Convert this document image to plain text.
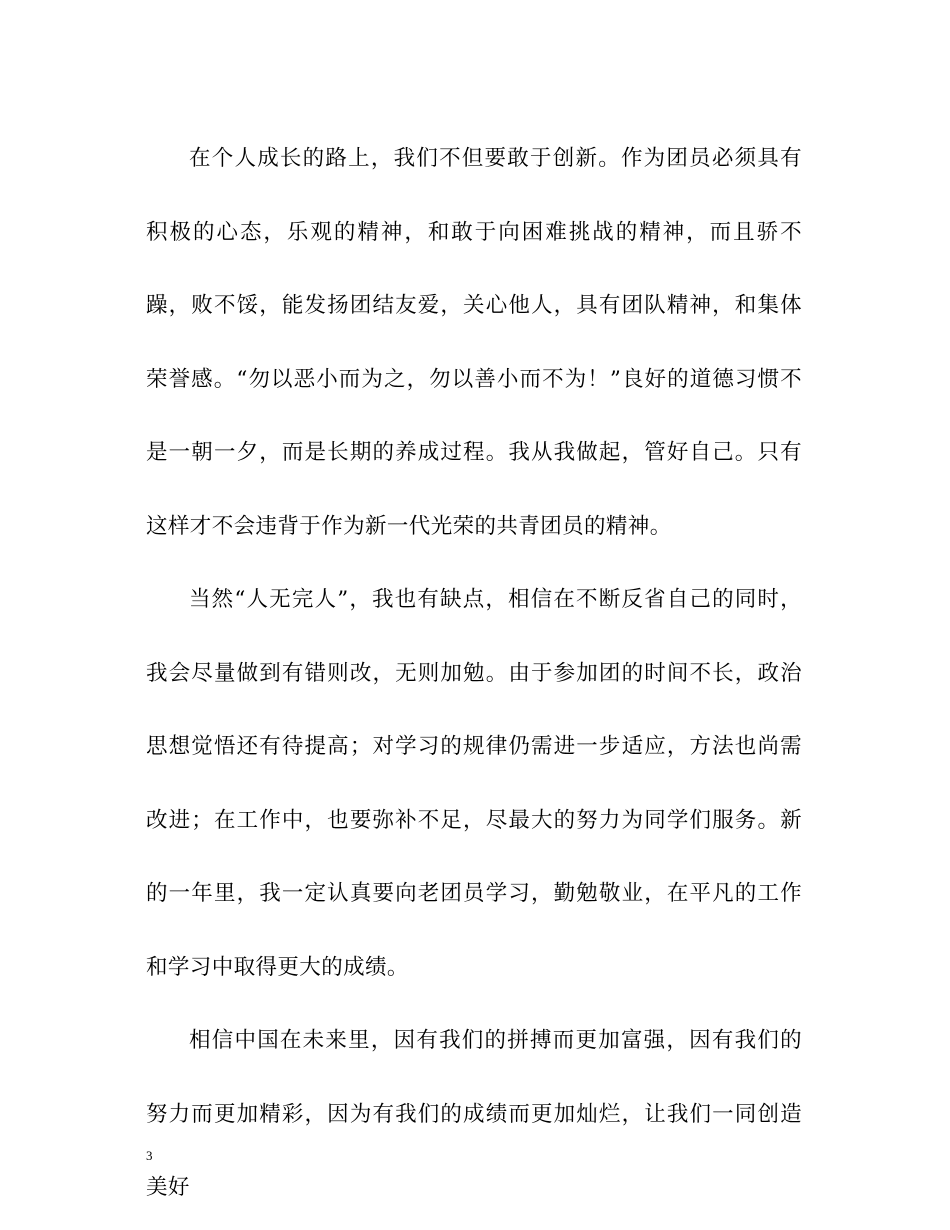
在个人成长的路上，我们不但要敢于创新。作为团员必须具有积极的心态，乐观的精神，和敢于向困难挑战的精神，而且骄不躁，败不馁，能发扬团结友爱，关心他人，具有团队精神，和集体荣誉感。“勿以恶小而为之，勿以善小而不为！”良好的道德习惯不是一朝一夕，而是长期的养成过程。我从我做起，管好自己。只有这样才不会违背于作为新一代光荣的共青团员的精神。

当然“人无完人”，我也有缺点，相信在不断反省自己的同时，我会尽量做到有错则改，无则加勉。由于参加团的时间不长，政治思想觉悟还有待提高；对学习的规律仍需进一步适应，方法也尚需改进；在工作中，也要弥补不足，尽最大的努力为同学们服务。新的一年里，我一定认真要向老团员学习，勤勉敬业，在平凡的工作和学习中取得更大的成绩。

相信中国在未来里，因有我们的拼搏而更加富强，因有我们的努力而更加精彩，因为有我们的成绩而更加灿烂，让我们一同创造美好

3
